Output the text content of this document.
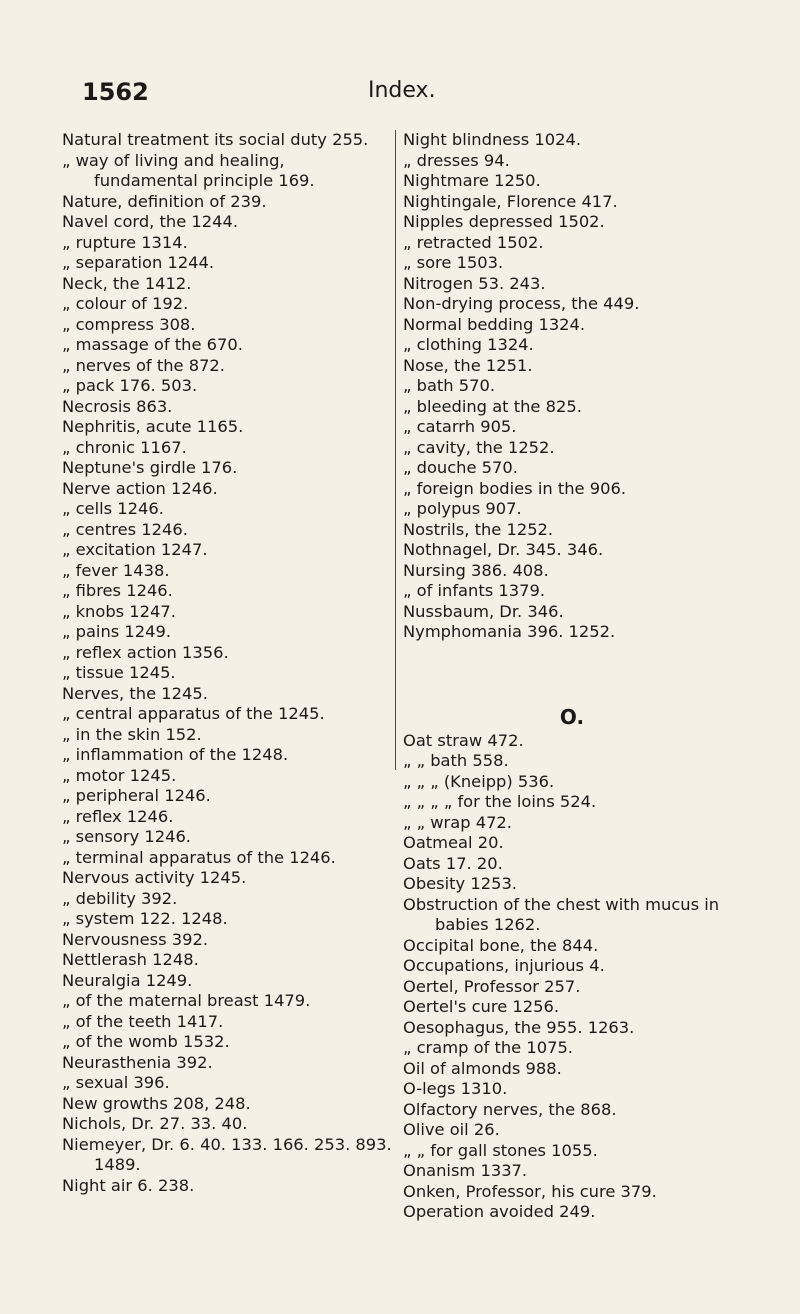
1562	Index.

Natural treatment its social duty 255.

„ way of living and healing, fundamental principle 169.

Nature, definition of 239.

Navel cord, the 1244.

„ rupture 1314.

„ separation 1244.

Neck, the 1412.

„ colour of 192.

„ compress 308.

„ massage of the 670.

„ nerves of the 872.

„ pack 176. 503.

Necrosis 863.

Nephritis, acute 1165.

„ chronic 1167.

Neptune's girdle 176.

Nerve action 1246.

„ cells 1246.

„ centres 1246.

„ excitation 1247.

„ fever 1438.

„ fibres 1246.

„ knobs 1247.

„ pains 1249.

„ reflex action 1356.

„ tissue 1245.

Nerves, the 1245.

„ central apparatus of the 1245.

„ in the skin 152.

„ inflammation of the 1248.

„ motor 1245.

„ peripheral 1246.

„ reflex 1246.

„ sensory 1246.

„ terminal apparatus of the 1246.

Nervous activity 1245.

„ debility 392.

„ system 122. 1248.

Nervousness 392.

Nettlerash 1248.

Neuralgia 1249.

„ of the maternal breast 1479.

„ of the teeth 1417.

„ of the womb 1532.

Neurasthenia 392.

„ sexual 396.

New growths 208, 248.

Nichols, Dr. 27. 33. 40.

Niemeyer, Dr. 6. 40. 133. 166. 253. 893. 1489.

Night air 6. 238.

Night blindness 1024.

„ dresses 94.

Nightmare 1250.

Nightingale, Florence 417.

Nipples depressed 1502.

„ retracted 1502.

„ sore 1503.

Nitrogen 53. 243.

Non-drying process, the 449.

Normal bedding 1324.

„ clothing 1324.

Nose, the 1251.

„ bath 570.

„ bleeding at the 825.

„ catarrh 905.

„ cavity, the 1252.

„ douche 570.

„ foreign bodies in the 906.

„ polypus 907.

Nostrils, the 1252.

Nothnagel, Dr. 345. 346.

Nursing 386. 408.

„ of infants 1379.

Nussbaum, Dr. 346.

Nymphomania 396. 1252.

O.

Oat straw 472.

„ „ bath 558.

„ „ „ (Kneipp) 536.

„ „ „ „ for the loins 524.

„ „ wrap 472.

Oatmeal 20.

Oats 17. 20.

Obesity 1253.

Obstruction of the chest with mucus in babies 1262.

Occipital bone, the 844.

Occupations, injurious 4.

Oertel, Professor 257.

Oertel's cure 1256.

Oesophagus, the 955. 1263.

„ cramp of the 1075.

Oil of almonds 988.

O-legs 1310.

Olfactory nerves, the 868.

Olive oil 26.

„ „ for gall stones 1055.

Onanism 1337.

Onken, Professor, his cure 379.

Operation avoided 249.
